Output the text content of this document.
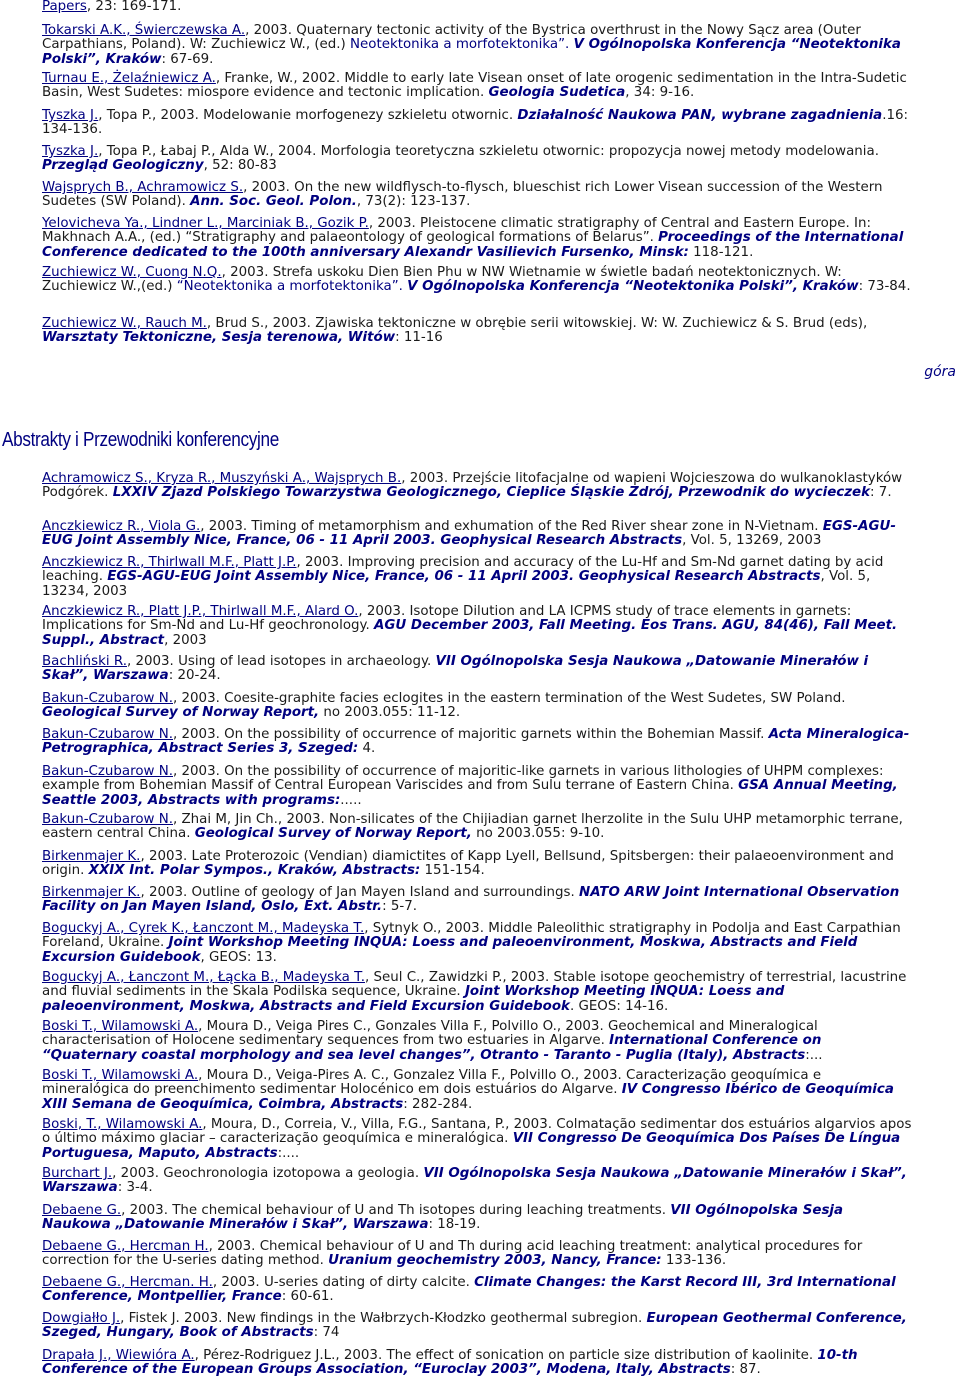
Papers, 23: 169-171.
Tokarski A.K., Świerczewska A., 2003. Quaternary tectonic activity of the Bystrica overthrust in the Nowy Sącz area (Outer Carpathians, Poland). W: Zuchiewicz W., (ed.) Neotektonika a morfotektonika”. V Ogólnopolska Konferencja “Neotektonika Polski”, Kraków: 67-69.
Turnau E., Żelaźniewicz A., Franke, W., 2002. Middle to early late Visean onset of late orogenic sedimentation in the Intra-Sudetic Basin, West Sudetes: miospore evidence and tectonic implication. Geologia Sudetica, 34: 9-16.
Tyszka J., Topa P., 2003. Modelowanie morfogenezy szkieletu otwornic. Działalność Naukowa PAN, wybrane zagadnienia.16: 134-136.
Tyszka J., Topa P., Łabaj P., Alda W., 2004. Morfologia teoretyczna szkieletu otwornic: propozycja nowej metody modelowania. Przegląd Geologiczny, 52: 80-83
Wajsprych B., Achramowicz S., 2003. On the new wildflysch-to-flysch, blueschist rich Lower Visean succession of the Western Sudetes (SW Poland). Ann. Soc. Geol. Polon., 73(2): 123-137.
Yelovicheva Ya., Lindner L., Marciniak B., Gozik P., 2003. Pleistocene climatic stratigraphy of Central and Eastern Europe. In: Makhnach A.A., (ed.) “Stratigraphy and palaeontology of geological formations of Belarus”. Proceedings of the International Conference dedicated to the 100th anniversary Alexandr Vasilievich Fursenko, Minsk: 118-121.
Zuchiewicz W., Cuong N.Q., 2003. Strefa uskoku Dien Bien Phu w NW Wietnamie w świetle badań neotektonicznych. W: Zuchiewicz W.,(ed.) “Neotektonika a morfotektonika”. V Ogólnopolska Konferencja “Neotektonika Polski”, Kraków: 73-84.
Zuchiewicz W., Rauch M., Brud S., 2003. Zjawiska tektoniczne w obrębie serii witowskiej. W: W. Zuchiewicz & S. Brud (eds), Warsztaty Tektoniczne, Sesja terenowa, Witów: 11-16
góra
Abstrakty i Przewodniki konferencyjne
Achramowicz S., Kryza R., Muszyński A., Wajsprych B., 2003. Przejście litofacjalne od wapieni Wojcieszowa do wulkanoklastyków Podgórek. LXXIV Zjazd Polskiego Towarzystwa Geologicznego, Cieplice Śląskie Zdrój, Przewodnik do wycieczek: 7.
Anczkiewicz R., Viola G., 2003. Timing of metamorphism and exhumation of the Red River shear zone in N-Vietnam. EGS-AGU-EUG Joint Assembly Nice, France, 06 - 11 April 2003. Geophysical Research Abstracts, Vol. 5, 13269, 2003
Anczkiewicz R., Thirlwall M.F., Platt J.P., 2003. Improving precision and accuracy of the Lu-Hf and Sm-Nd garnet dating by acid leaching. EGS-AGU-EUG Joint Assembly Nice, France, 06 - 11 April 2003. Geophysical Research Abstracts, Vol. 5, 13234, 2003
Anczkiewicz R., Platt J.P., Thirlwall M.F., Alard O., 2003. Isotope Dilution and LA ICPMS study of trace elements in garnets: Implications for Sm-Nd and Lu-Hf geochronology. AGU December 2003, Fall Meeting. Eos Trans. AGU, 84(46), Fall Meet. Suppl., Abstract, 2003
Bachliński R., 2003. Using of lead isotopes in archaeology. VII Ogólnopolska Sesja Naukowa „Datowanie Minerałów i Skał”, Warszawa: 20-24.
Bakun-Czubarow N., 2003. Coesite-graphite facies eclogites in the eastern termination of the West Sudetes, SW Poland. Geological Survey of Norway Report, no 2003.055: 11-12.
Bakun-Czubarow N., 2003. On the possibility of occurrence of majoritic garnets within the Bohemian Massif. Acta Mineralogica-Petrographica, Abstract Series 3, Szeged: 4.
Bakun-Czubarow N., 2003. On the possibility of occurrence of majoritic-like garnets in various lithologies of UHPM complexes: example from Bohemian Massif of Central European Variscides and from Sulu terrane of Eastern China. GSA Annual Meeting, Seattle 2003, Abstracts with programs:.....
Bakun-Czubarow N., Zhai M, Jin Ch., 2003. Non-silicates of the Chijiadian garnet lherzolite in the Sulu UHP metamorphic terrane, eastern central China. Geological Survey of Norway Report, no 2003.055: 9-10.
Birkenmajer K., 2003. Late Proterozoic (Vendian) diamictites of Kapp Lyell, Bellsund, Spitsbergen: their palaeoenvironment and origin. XXIX Int. Polar Sympos., Kraków, Abstracts: 151-154.
Birkenmajer K., 2003. Outline of geology of Jan Mayen Island and surroundings. NATO ARW Joint International Observation Facility on Jan Mayen Island, Oslo, Ext. Abstr.: 5-7.
Boguckyj A., Cyrek K., Łanczont M., Madeyska T., Sytnyk O., 2003. Middle Paleolithic stratigraphy in Podolja and East Carpathian Foreland, Ukraine. Joint Workshop Meeting INQUA: Loess and paleoenvironment, Moskwa, Abstracts and Field Excursion Guidebook, GEOS: 13.
Boguckyj A., Łanczont M., Łącka B., Madeyska T., Seul C., Zawidzki P., 2003. Stable isotope geochemistry of terrestrial, lacustrine and fluvial sediments in the Skala Podilska sequence, Ukraine. Joint Workshop Meeting INQUA: Loess and paleoenvironment, Moskwa, Abstracts and Field Excursion Guidebook. GEOS: 14-16.
Boski T., Wilamowski A., Moura D., Veiga Pires C., Gonzales Villa F., Polvillo O., 2003. Geochemical and Mineralogical characterisation of Holocene sedimentary sequences from two estuaries in Algarve. International Conference on “Quaternary coastal morphology and sea level changes”, Otranto - Taranto - Puglia (Italy), Abstracts:...
Boski T., Wilamowski A., Moura D., Veiga-Pires A. C., Gonzalez Villa F., Polvillo O., 2003. Caracterização geoquímica e mineralógica do preenchimento sedimentar Holocénico em dois estuários do Algarve. IV Congresso Ibérico de Geoquímica XIII Semana de Geoquímica, Coimbra, Abstracts: 282-284.
Boski, T., Wilamowski A., Moura, D., Correia, V., Villa, F.G., Santana, P., 2003. Colmatação sedimentar dos estuários algarvios apos o último máximo glaciar – caracterização geoquímica e mineralógica. VII Congresso De Geoquímica Dos Países De Língua Portuguesa, Maputo, Abstracts:....
Burchart J., 2003. Geochronologia izotopowa a geologia. VII Ogólnopolska Sesja Naukowa „Datowanie Minerałów i Skał”, Warszawa: 3-4.
Debaene G., 2003. The chemical behaviour of U and Th isotopes during leaching treatments. VII Ogólnopolska Sesja Naukowa „Datowanie Minerałów i Skał”, Warszawa: 18-19.
Debaene G., Hercman H., 2003. Chemical behaviour of U and Th during acid leaching treatment: analytical procedures for correction for the U-series dating method. Uranium geochemistry 2003, Nancy, France: 133-136.
Debaene G., Hercman. H., 2003. U-series dating of dirty calcite. Climate Changes: the Karst Record III, 3rd International Conference, Montpellier, France: 60-61.
Dowgiałło J., Fistek J. 2003. New findings in the Wałbrzych-Kłodzko geothermal subregion. European Geothermal Conference, Szeged, Hungary, Book of Abstracts: 74
Drapała J., Wiewióra A., Pérez-Rodriguez J.L., 2003. The effect of sonication on particle size distribution of kaolinite. 10-th Conference of the European Groups Association, “Euroclay 2003”, Modena, Italy, Abstracts: 87.
